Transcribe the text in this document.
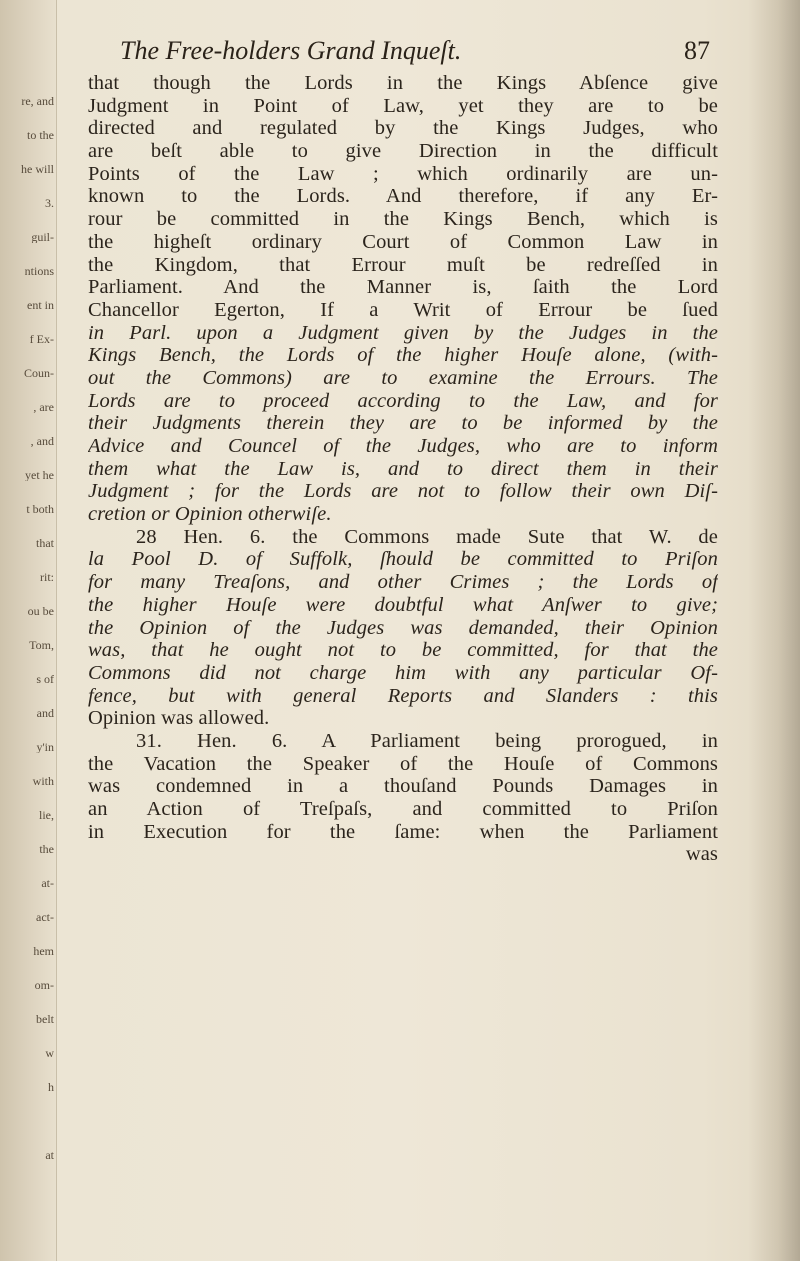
re, and
to the
he will
3.
guil-
ntions
ent in
f Ex-
Coun-
, are
, and
yet he
t both
that
rit:
ou be
Tom,
s of
and
y'in
with
lie,
the
at-
act-
hem
om-
belt
w
h
at
The Free-holders Grand Inqueſt.	87
that though the Lords in the Kings Abſence give
Judgment in Point of Law, yet they are to be
directed and regulated by the Kings Judges, who
are beſt able to give Direction in the difficult
Points of the Law ; which ordinarily are un-
known to the Lords. And therefore, if any Er-
rour be committed in the Kings Bench, which is
the higheſt ordinary Court of Common Law in
the Kingdom, that Errour muſt be redreſſed in
Parliament. And the Manner is, ſaith the Lord
Chancellor Egerton, If a Writ of Errour be ſued
in Parl. upon a Judgment given by the Judges in the
Kings Bench, the Lords of the higher Houſe alone, (with-
out the Commons) are to examine the Errours. The
Lords are to proceed according to the Law, and for
their Judgments therein they are to be informed by the
Advice and Councel of the Judges, who are to inform
them what the Law is, and to direct them in their
Judgment ; for the Lords are not to follow their own Diſ-
cretion or Opinion otherwiſe.
28 Hen. 6. the Commons made Sute that W. de
la Pool D. of Suffolk, ſhould be committed to Priſon
for many Treaſons, and other Crimes ; the Lords of
the higher Houſe were doubtful what Anſwer to give;
the Opinion of the Judges was demanded, their Opinion
was, that he ought not to be committed, for that the
Commons did not charge him with any particular Of-
fence, but with general Reports and Slanders : this
Opinion was allowed.
31. Hen. 6. A Parliament being prorogued, in
the Vacation the Speaker of the Houſe of Commons
was condemned in a thouſand Pounds Damages in
an Action of Treſpaſs, and committed to Priſon
in Execution for the ſame: when the Parliament
was
